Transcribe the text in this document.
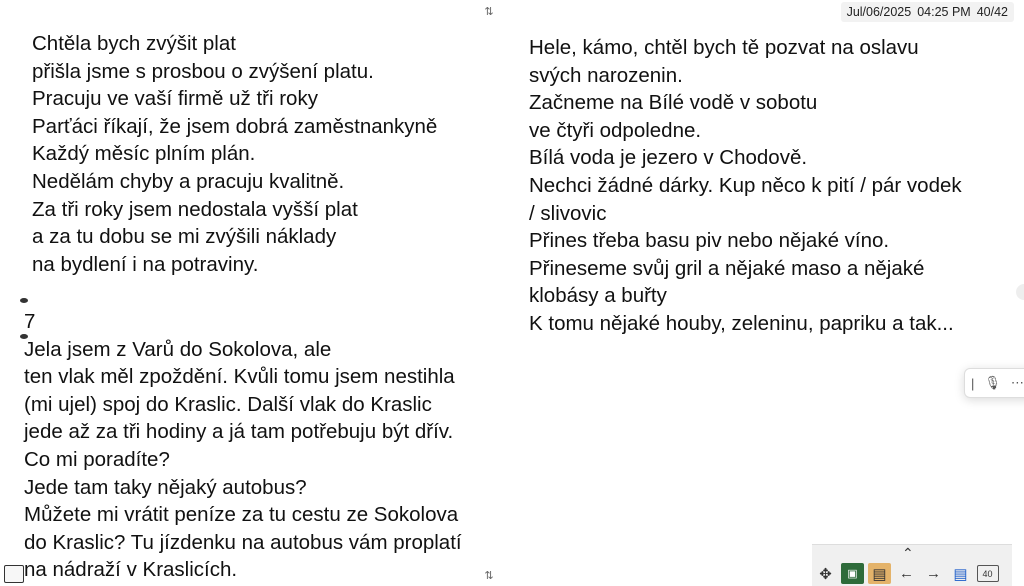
⇅
Chtěla bych zvýšit plat
přišla jsme s prosbou o zvýšení platu.
Pracuju ve vaší firmě už tři roky
Parťáci říkají, že jsem dobrá zaměstnankyně
Každý měsíc plním plán.
Nedělám chyby a pracuju kvalitně.
Za tři roky jsem nedostala vyšší plat
a za tu dobu se mi zvýšili náklady
na bydlení i na potraviny.
7
Jela jsem z Varů do Sokolova, ale
ten vlak měl zpoždění. Kvůli tomu jsem nestihla
(mi ujel) spoj do Kraslic. Další vlak do Kraslic
jede až za tři hodiny a já tam potřebuju být dřív.
Co mi poradíte?
Jede tam taky nějaký autobus?
Můžete mi vrátit peníze za tu cestu ze Sokolova
do Kraslic? Tu jízdenku na autobus vám proplatí
na nádraží v Kraslicích.	⇅
Hele, kámo, chtěl bych tě pozvat na oslavu
svých narozenin.
Začneme na Bílé vodě v sobotu
ve čtyři odpoledne.
Bílá voda je jezero v Chodově.
Nechci žádné dárky. Kup něco k pití / pár vodek
/ slivovic
Přines třeba basu piv nebo nějaké víno.
Přineseme svůj gril a nějaké maso a nějaké
klobásy a buřty
K tomu nějaké houby, zeleninu, papriku a tak...
Jul/06/2025 04:25 PM 40/42
| 🎙 ⋯
⌃
✥	▣ ▤ ← → ▤	40
